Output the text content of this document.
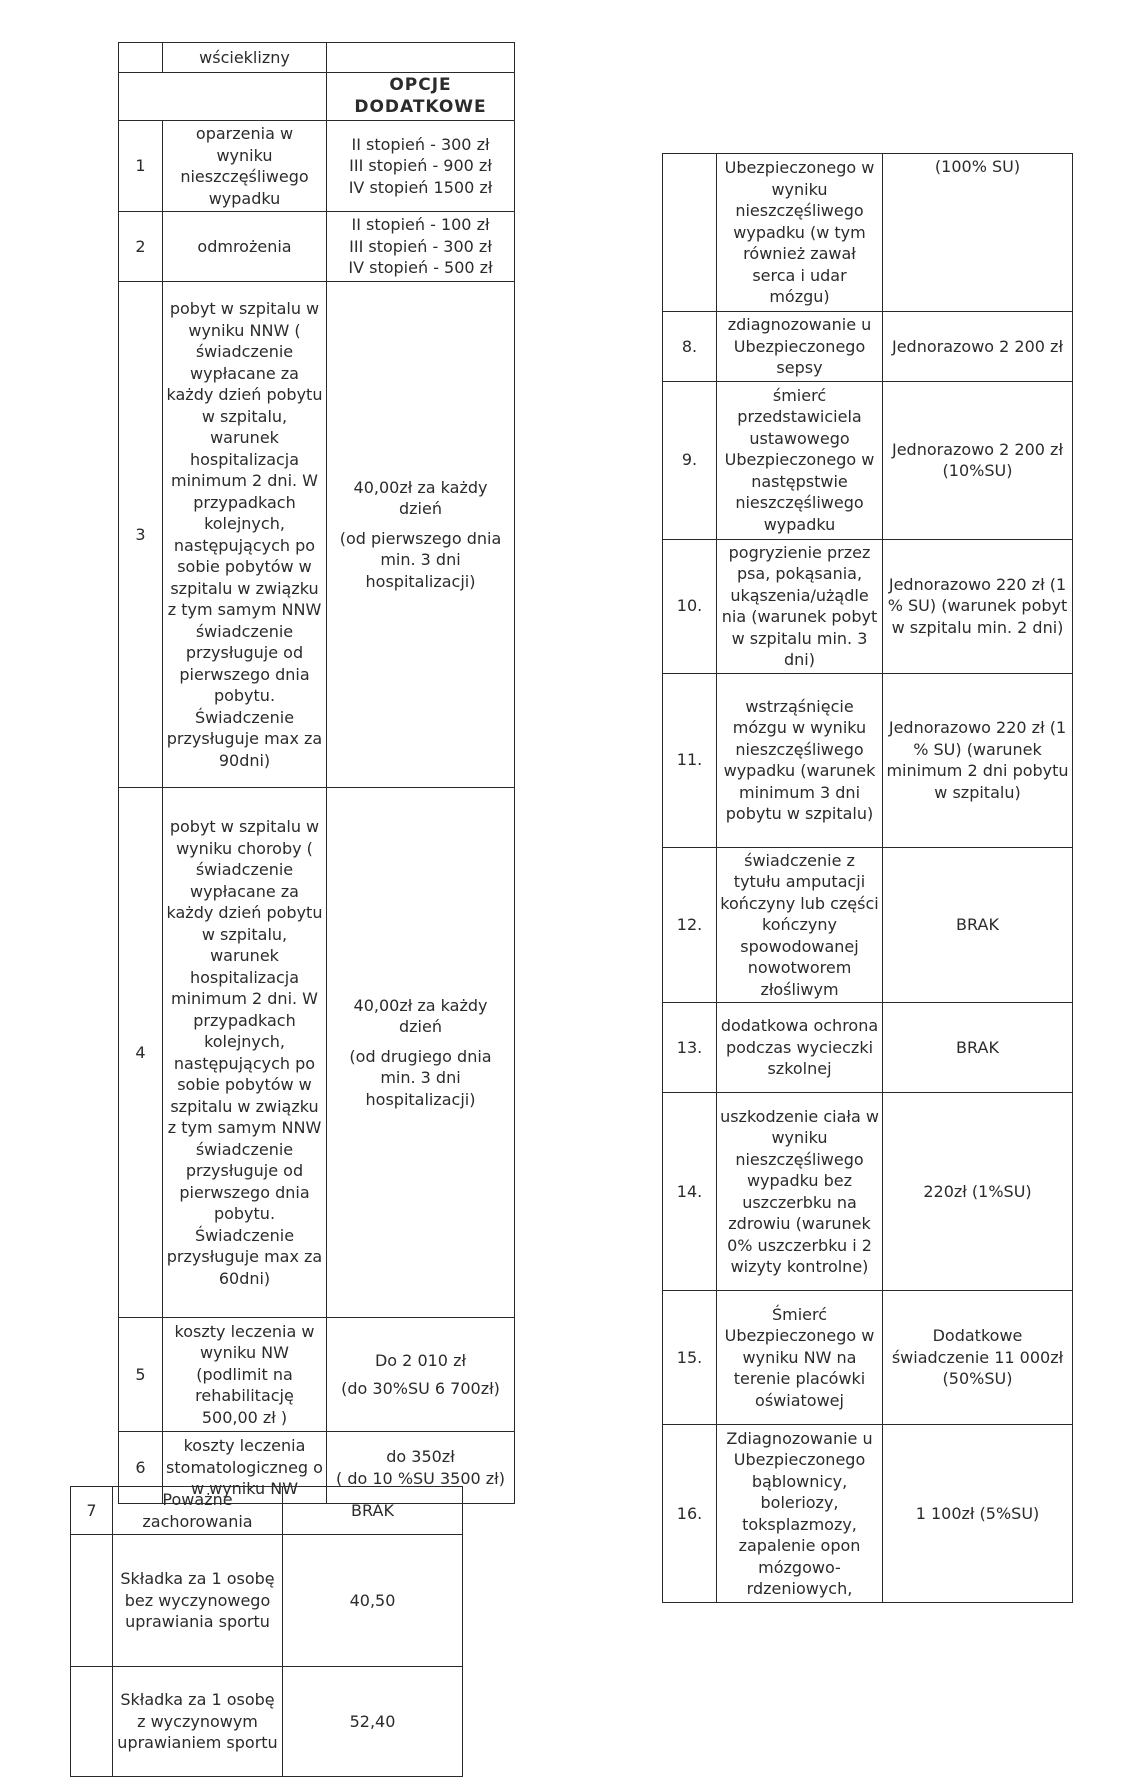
	wścieklizny	
		OPCJE DODATKOWE
1	oparzenia w wyniku nieszczęśliwego wypadku	II stopień - 300 zł
III stopień - 900 zł
IV stopień 1500 zł

2	odmrożenia	II stopień - 100 zł
III stopień - 300 zł
IV stopień - 500 zł

3	pobyt w szpitalu w wyniku NNW ( świadczenie wypłacane za każdy dzień pobytu w szpitalu, warunek hospitalizacja minimum 2 dni. W przypadkach kolejnych, następujących po sobie pobytów w szpitalu w związku z tym samym NNW świadczenie przysługuje od pierwszego dnia pobytu. Świadczenie przysługuje max za 90dni)	40,00zł za każdy dzień
(od pierwszego dnia min. 3 dni hospitalizacji)

4	pobyt w szpitalu w wyniku choroby ( świadczenie wypłacane za każdy dzień pobytu w szpitalu, warunek hospitalizacja minimum 2 dni. W przypadkach kolejnych, następujących po sobie pobytów w szpitalu w związku z tym samym NNW świadczenie przysługuje od pierwszego dnia pobytu. Świadczenie przysługuje max za 60dni)	40,00zł za każdy dzień
(od drugiego dnia min. 3 dni hospitalizacji)

5	koszty leczenia w wyniku NW (podlimit na rehabilitację 500,00 zł )	Do 2 010 zł
(do 30%SU 6 700zł)

6	koszty leczenia stomatologiczneg o w wyniku NW	do 350zł
( do 10 %SU 3500 zł)
7	Poważne zachorowania	BRAK
	Składka za 1 osobę bez wyczynowego uprawiania sportu	40,50
	Składka za 1 osobę z wyczynowym uprawianiem sportu	52,40
	Ubezpieczonego w wyniku nieszczęśliwego wypadku (w tym również zawał serca i udar mózgu)	(100% SU)
8.	zdiagnozowanie u Ubezpieczonego sepsy	Jednorazowo 2 200 zł
9.	śmierć przedstawiciela ustawowego Ubezpieczonego w następstwie nieszczęśliwego wypadku	Jednorazowo 2 200 zł (10%SU)
10.	pogryzienie przez psa, pokąsania, ukąszenia/użądle nia (warunek pobyt w szpitalu min. 3 dni)	Jednorazowo 220 zł (1 % SU) (warunek pobyt w szpitalu min. 2 dni)
11.	wstrząśnięcie mózgu w wyniku nieszczęśliwego wypadku (warunek minimum 3 dni pobytu w szpitalu)	Jednorazowo 220 zł (1 % SU) (warunek minimum 2 dni pobytu w szpitalu)
12.	świadczenie z tytułu amputacji kończyny lub części kończyny spowodowanej nowotworem złośliwym	BRAK
13.	dodatkowa ochrona podczas wycieczki szkolnej	BRAK
14.	uszkodzenie ciała w wyniku nieszczęśliwego wypadku bez uszczerbku na zdrowiu (warunek 0% uszczerbku i 2 wizyty kontrolne)	220zł (1%SU)
15.	Śmierć Ubezpieczonego w wyniku NW na terenie placówki oświatowej	Dodatkowe świadczenie 11 000zł (50%SU)
16.	Zdiagnozowanie u Ubezpieczonego bąblownicy, boleriozy, toksplazmozy, zapalenie opon mózgowo-rdzeniowych,	1 100zł (5%SU)
